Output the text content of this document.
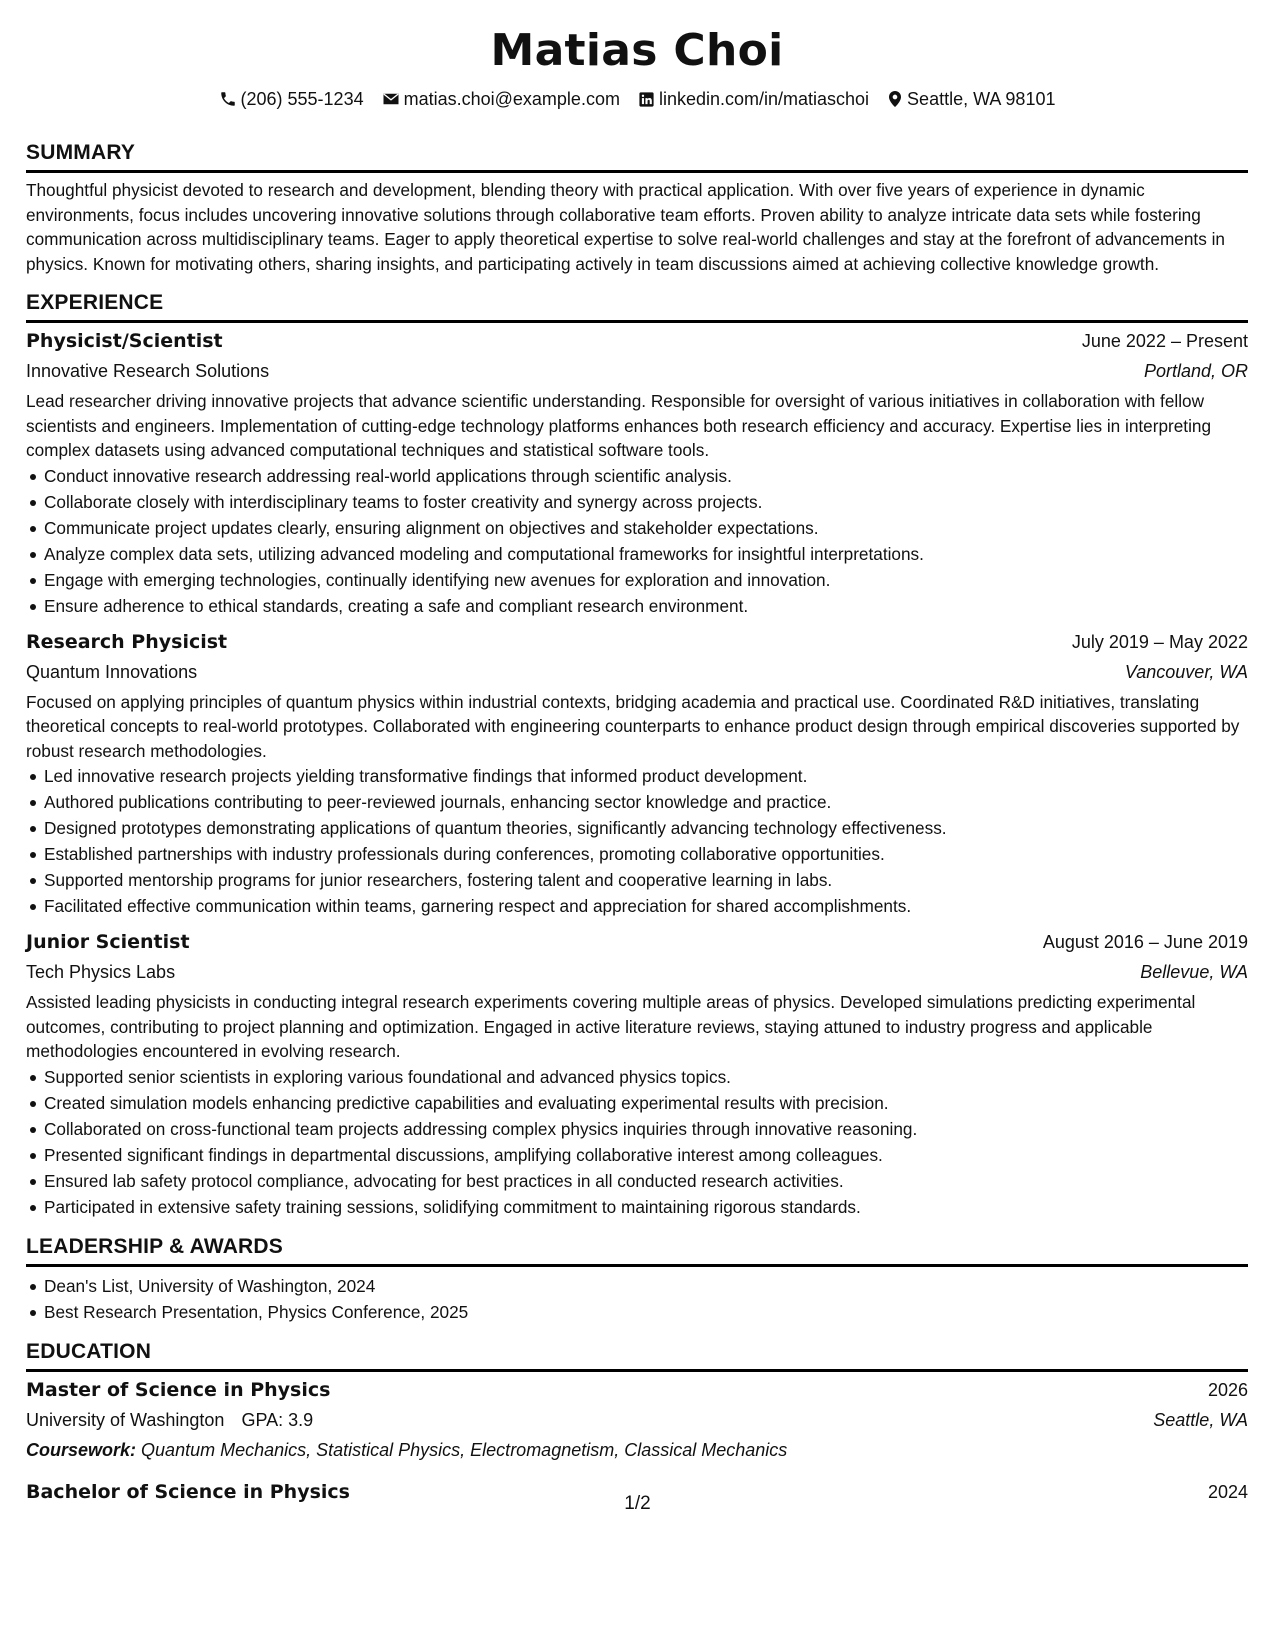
Matias Choi
(206) 555-1234 matias.choi@example.com linkedin.com/in/matiaschoi Seattle, WA 98101
SUMMARY

Thoughtful physicist devoted to research and development, blending theory with practical application. With over five years of experience in dynamic environments, focus includes uncovering innovative solutions through collaborative team efforts. Proven ability to analyze intricate data sets while fostering communication across multidisciplinary teams. Eager to apply theoretical expertise to solve real-world challenges and stay at the forefront of advancements in physics. Known for motivating others, sharing insights, and participating actively in team discussions aimed at achieving collective knowledge growth.

EXPERIENCE
Physicist/Scientist	June 2022 – Present
Innovative Research Solutions	Portland, OR

Lead researcher driving innovative projects that advance scientific understanding. Responsible for oversight of various initiatives in collaboration with fellow scientists and engineers. Implementation of cutting-edge technology platforms enhances both research efficiency and accuracy. Expertise lies in interpreting complex datasets using advanced computational techniques and statistical software tools.

Conduct innovative research addressing real-world applications through scientific analysis.
Collaborate closely with interdisciplinary teams to foster creativity and synergy across projects.
Communicate project updates clearly, ensuring alignment on objectives and stakeholder expectations.
Analyze complex data sets, utilizing advanced modeling and computational frameworks for insightful interpretations.
Engage with emerging technologies, continually identifying new avenues for exploration and innovation.
Ensure adherence to ethical standards, creating a safe and compliant research environment.
Research Physicist	July 2019 – May 2022
Quantum Innovations	Vancouver, WA

Focused on applying principles of quantum physics within industrial contexts, bridging academia and practical use. Coordinated R&D initiatives, translating theoretical concepts to real-world prototypes. Collaborated with engineering counterparts to enhance product design through empirical discoveries supported by robust research methodologies.

Led innovative research projects yielding transformative findings that informed product development.
Authored publications contributing to peer-reviewed journals, enhancing sector knowledge and practice.
Designed prototypes demonstrating applications of quantum theories, significantly advancing technology effectiveness.
Established partnerships with industry professionals during conferences, promoting collaborative opportunities.
Supported mentorship programs for junior researchers, fostering talent and cooperative learning in labs.
Facilitated effective communication within teams, garnering respect and appreciation for shared accomplishments.
Junior Scientist	August 2016 – June 2019
Tech Physics Labs	Bellevue, WA

Assisted leading physicists in conducting integral research experiments covering multiple areas of physics. Developed simulations predicting experimental outcomes, contributing to project planning and optimization. Engaged in active literature reviews, staying attuned to industry progress and applicable methodologies encountered in evolving research.

Supported senior scientists in exploring various foundational and advanced physics topics.
Created simulation models enhancing predictive capabilities and evaluating experimental results with precision.
Collaborated on cross-functional team projects addressing complex physics inquiries through innovative reasoning.
Presented significant findings in departmental discussions, amplifying collaborative interest among colleagues.
Ensured lab safety protocol compliance, advocating for best practices in all conducted research activities.
Participated in extensive safety training sessions, solidifying commitment to maintaining rigorous standards.
LEADERSHIP & AWARDS
Dean's List, University of Washington, 2024
Best Research Presentation, Physics Conference, 2025
EDUCATION
Master of Science in Physics	2026
University of Washington GPA: 3.9	Seattle, WA
Coursework: Quantum Mechanics, Statistical Physics, Electromagnetism, Classical Mechanics
Bachelor of Science in Physics	2024
1/2
